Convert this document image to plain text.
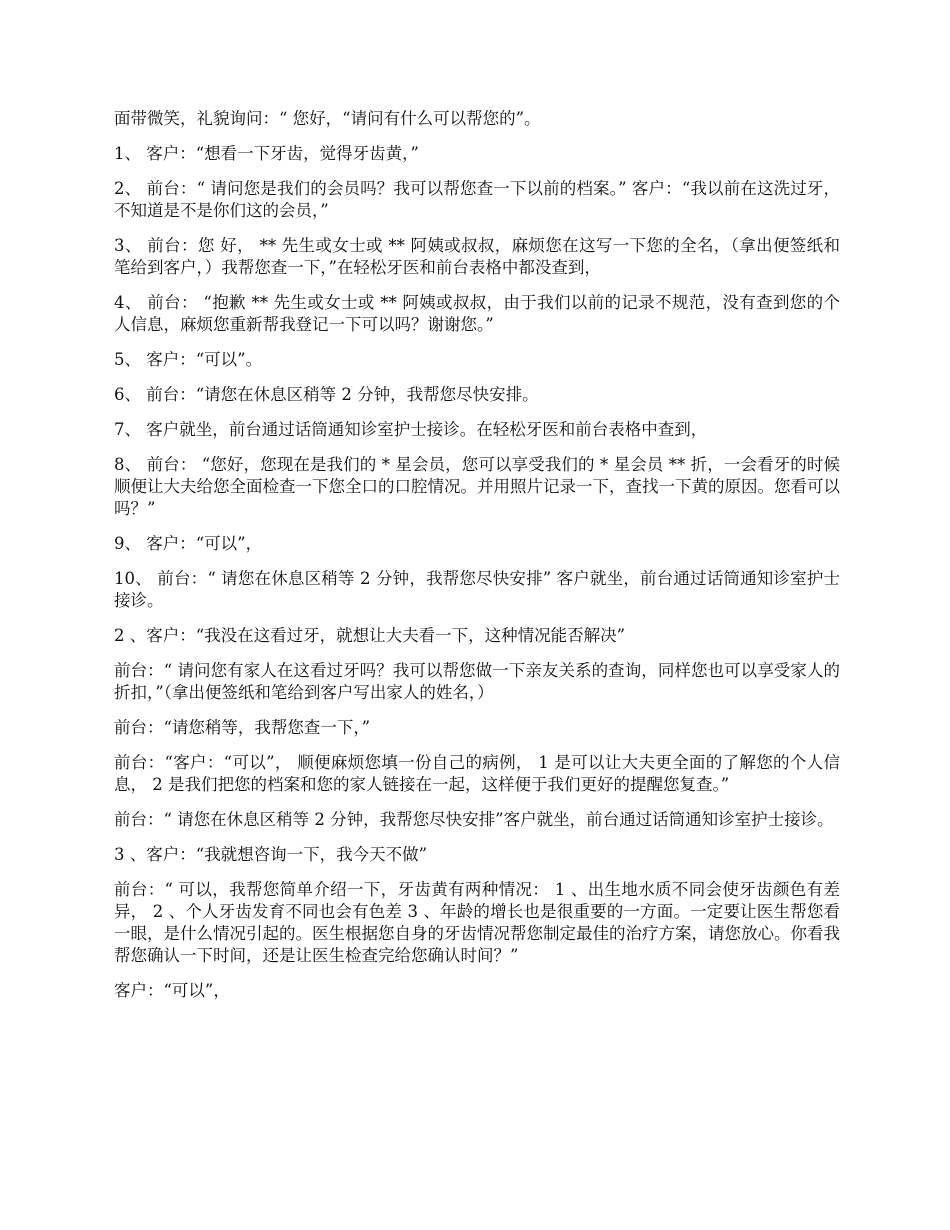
面带微笑，礼貌询问：“ 您好，“请问有什么可以帮您的”。

1、 客户：“想看一下牙齿，觉得牙齿黄，”

2、 前台：“ 请问您是我们的会员吗？我可以帮您查一下以前的档案。” 客户：“我以前在这洗过牙，不知道是不是你们这的会员，”

3、 前台：您 好， ** 先生或女士或 ** 阿姨或叔叔，麻烦您在这写一下您的全名，（拿出便签纸和笔给到客户，）我帮您查一下，”在轻松牙医和前台表格中都没查到，

4、 前台： “抱歉 ** 先生或女士或 ** 阿姨或叔叔，由于我们以前的记录不规范，没有查到您的个人信息，麻烦您重新帮我登记一下可以吗？谢谢您。”

5、 客户：“可以”。

6、 前台：“请您在休息区稍等 2 分钟，我帮您尽快安排。

7、 客户就坐，前台通过话筒通知诊室护士接诊。在轻松牙医和前台表格中查到，

8、 前台： “您好，您现在是我们的 * 星会员，您可以享受我们的 * 星会员 ** 折，一会看牙的时候顺便让大夫给您全面检查一下您全口的口腔情况。并用照片记录一下，查找一下黄的原因。您看可以吗？”

9、 客户：“可以”，

10、 前台：“ 请您在休息区稍等 2 分钟，我帮您尽快安排” 客户就坐，前台通过话筒通知诊室护士接诊。

2 、客户：“我没在这看过牙，就想让大夫看一下，这种情况能否解决”

前台：“ 请问您有家人在这看过牙吗？我可以帮您做一下亲友关系的查询，同样您也可以享受家人的折扣，”（拿出便签纸和笔给到客户写出家人的姓名，）

前台：“请您稍等，我帮您查一下，”

前台：“客户：“可以”， 顺便麻烦您填一份自己的病例， 1 是可以让大夫更全面的了解您的个人信息， 2 是我们把您的档案和您的家人链接在一起，这样便于我们更好的提醒您复查。”

前台：“ 请您在休息区稍等 2 分钟，我帮您尽快安排”客户就坐，前台通过话筒通知诊室护士接诊。

3 、客户：“我就想咨询一下，我今天不做”

前台：“ 可以，我帮您简单介绍一下，牙齿黄有两种情况： 1 、出生地水质不同会使牙齿颜色有差异， 2 、个人牙齿发育不同也会有色差 3 、年龄的增长也是很重要的一方面。一定要让医生帮您看一眼，是什么情况引起的。医生根据您自身的牙齿情况帮您制定最佳的治疗方案，请您放心。你看我帮您确认一下时间，还是让医生检查完给您确认时间？”

客户：“可以”，
